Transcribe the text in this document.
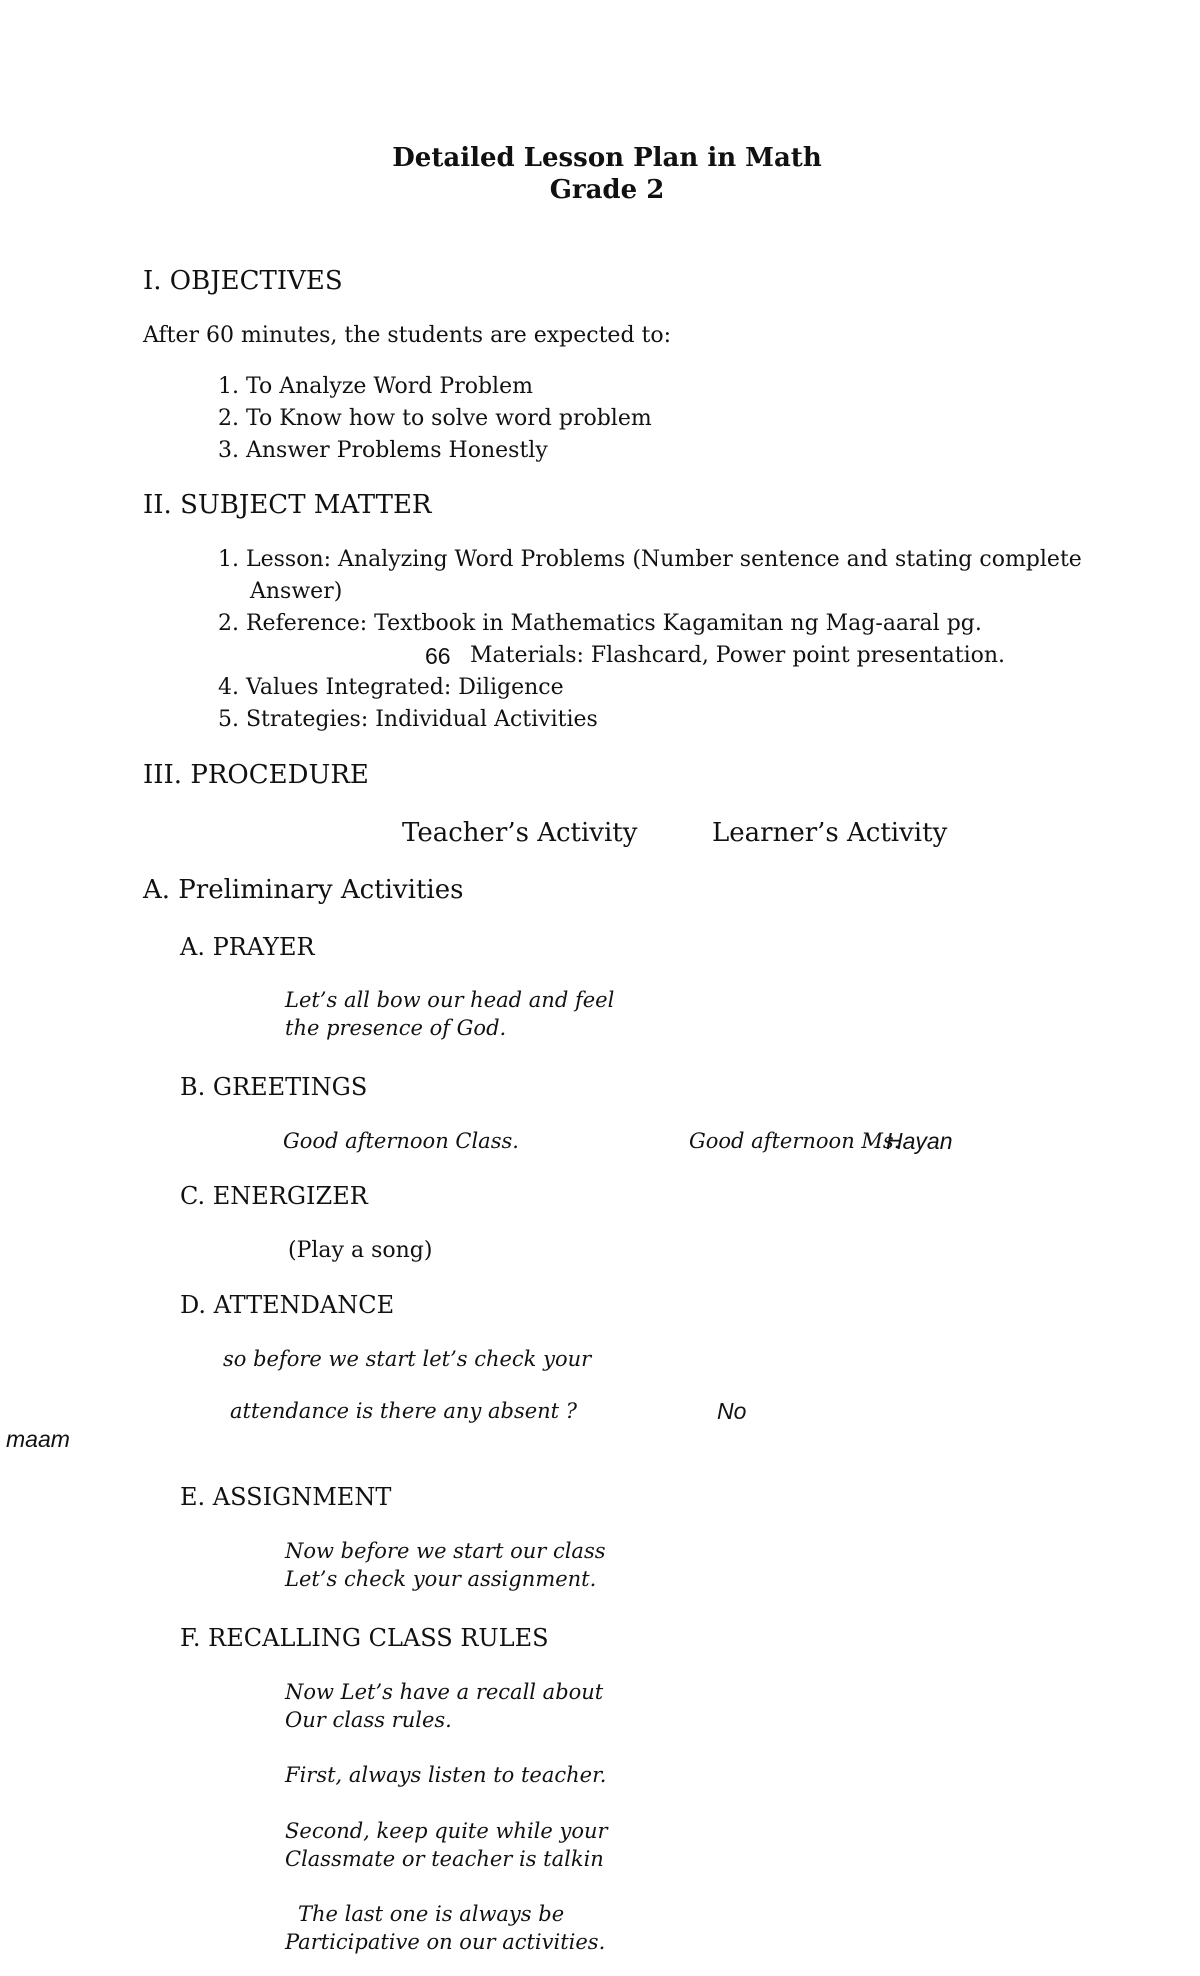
Detailed Lesson Plan in Math
Grade 2
I. OBJECTIVES
After 60 minutes, the students are expected to:
1. To Analyze Word Problem
2. To Know how to solve word problem
3. Answer Problems Honestly
II. SUBJECT MATTER
1. Lesson: Analyzing Word Problems (Number sentence and stating complete
Answer)
2. Reference: Textbook in Mathematics Kagamitan ng Mag-aaral pg.
66 Materials: Flashcard, Power point presentation.
4. Values Integrated: Diligence
5. Strategies: Individual Activities
III. PROCEDURE
Teacher’s Activity	Learner’s Activity
A. Preliminary Activities
A. PRAYER
Let’s all bow our head and feel
the presence of God.
B. GREETINGS
Good afternoon Class.	Good afternoon Ms.
Hayan
C. ENERGIZER
(Play a song)
D. ATTENDANCE
so before we start let’s check your
attendance is there any absent ?	No
maam
E. ASSIGNMENT
Now before we start our class
Let’s check your assignment.
F. RECALLING CLASS RULES
Now Let’s have a recall about
Our class rules.
First, always listen to teacher.
Second, keep quite while your
Classmate or teacher is talkin
The last one is always be
Participative on our activities.
